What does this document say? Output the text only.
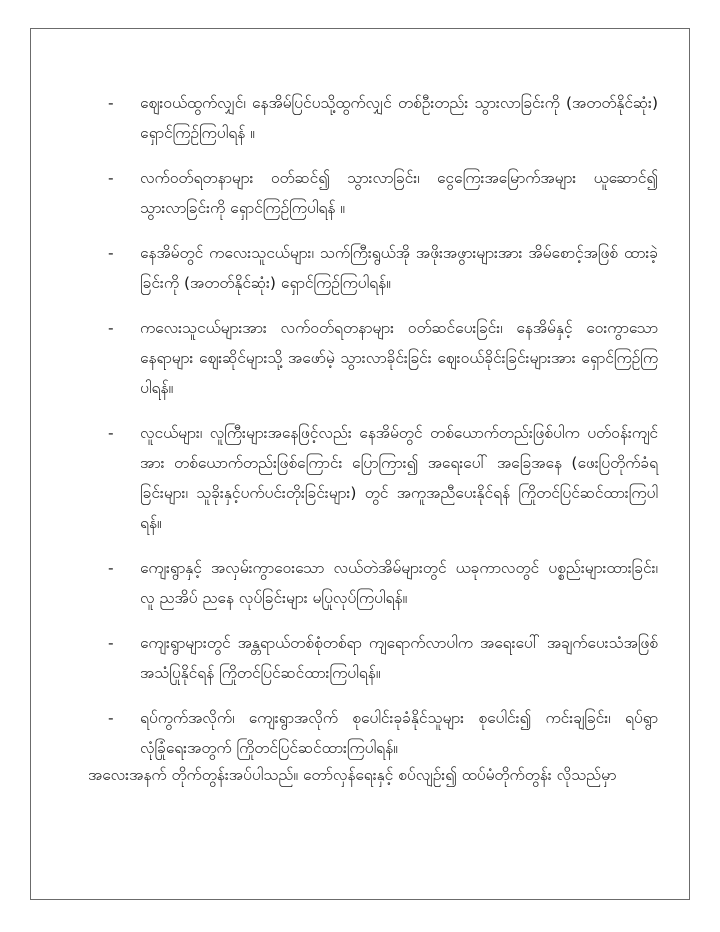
-	ဈေးဝယ်ထွက်လျှင်၊ နေအိမ်ပြင်ပသို့ထွက်လျှင် တစ်ဦးတည်း သွားလာခြင်းကို (အတတ်နိုင်ဆုံး) ရှောင်ကြဉ်ကြပါရန် ။
-	လက်ဝတ်ရတနာများ ဝတ်ဆင်၍ သွားလာခြင်း၊ ငွေကြေးအမြောက်အများ ယူဆောင်၍ သွားလာခြင်းကို ရှောင်ကြဉ်ကြပါရန် ။
-	နေအိမ်တွင် ကလေးသူငယ်များ၊ သက်ကြီးရွယ်အို အဖိုးအဖွားများအား အိမ်စောင့်အဖြစ် ထားခဲ့ခြင်းကို (အတတ်နိုင်ဆုံး) ရှောင်ကြဉ်ကြပါရန်။
-	ကလေးသူငယ်များအား လက်ဝတ်ရတနာများ ဝတ်ဆင်ပေးခြင်း၊ နေအိမ်နှင့် ဝေးကွာသော နေရာများ ဈေးဆိုင်များသို့ အဖော်မဲ့ သွားလာခိုင်းခြင်း ဈေးဝယ်ခိုင်းခြင်းများအား ရှောင်ကြဉ်ကြပါရန်။
-	လူငယ်များ၊ လူကြီးများအနေဖြင့်လည်း နေအိမ်တွင် တစ်ယောက်တည်းဖြစ်ပါက ပတ်ဝန်းကျင်အား တစ်ယောက်တည်းဖြစ်ကြောင်း ပြောကြား၍ အရေးပေါ် အခြေအနေ (ဖေးပြတိုက်ခံရခြင်းများ၊ သူခိုးနှင့်ပက်ပင်းတိုးခြင်းများ) တွင် အကူအညီပေးနိုင်ရန် ကြိုတင်ပြင်ဆင်ထားကြပါရန်။
-	ကျေးရွာနှင့် အလှမ်းကွာဝေးသော လယ်တဲအိမ်များတွင် ယခုကာလတွင် ပစ္စည်းများထားခြင်း၊ လူ ညအိပ် ညနေ လုပ်ခြင်းများ မပြုလုပ်ကြပါရန်။
-	ကျေးရွာများတွင် အန္တရာယ်တစ်စုံတစ်ရာ ကျရောက်လာပါက အရေးပေါ် အချက်ပေးသံအဖြစ် အသံပြုနိုင်ရန် ကြိုတင်ပြင်ဆင်ထားကြပါရန်။
-	ရပ်ကွက်အလိုက်၊ ကျေးရွာအလိုက် စုပေါင်းခုခံနိုင်သူများ စုပေါင်း၍ ကင်းချခြင်း၊ ရပ်ရွာလုံခြုံရေးအတွက် ကြိုတင်ပြင်ဆင်ထားကြပါရန်။

အလေးအနက် တိုက်တွန်းအပ်ပါသည်။ တော်လှန်ရေးနှင့် စပ်လျဉ်း၍ ထပ်မံတိုက်တွန်း လိုသည်မှာ
